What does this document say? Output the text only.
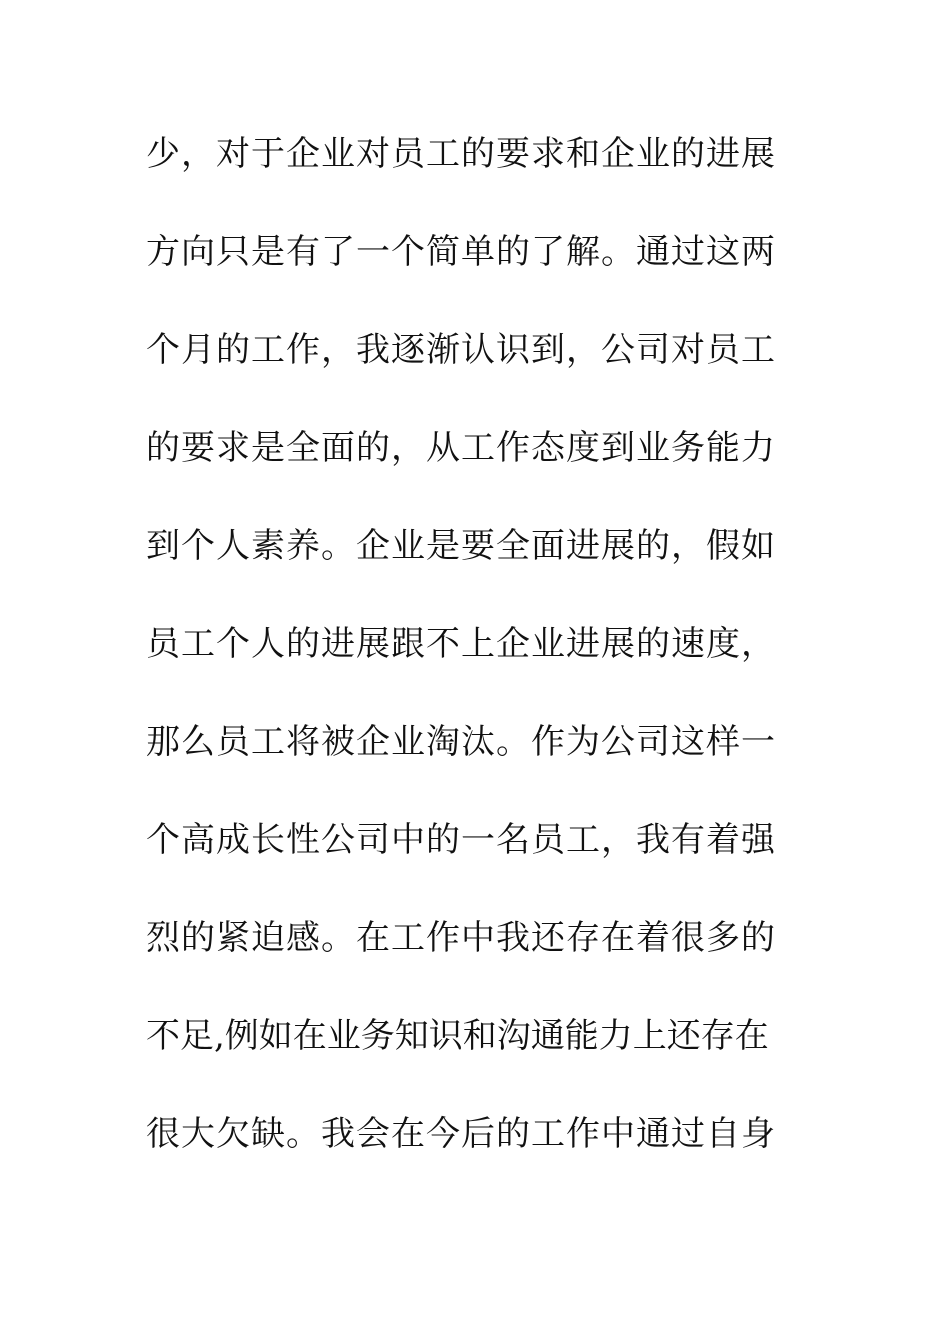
少，对于企业对员工的要求和企业的进展
方向只是有了一个简单的了解。通过这两
个月的工作，我逐渐认识到，公司对员工
的要求是全面的，从工作态度到业务能力
到个人素养。企业是要全面进展的，假如
员工个人的进展跟不上企业进展的速度，
那么员工将被企业淘汰。作为公司这样一
个高成长性公司中的一名员工，我有着强
烈的紧迫感。在工作中我还存在着很多的
不足,例如在业务知识和沟通能力上还存在
很大欠缺。我会在今后的工作中通过自身
